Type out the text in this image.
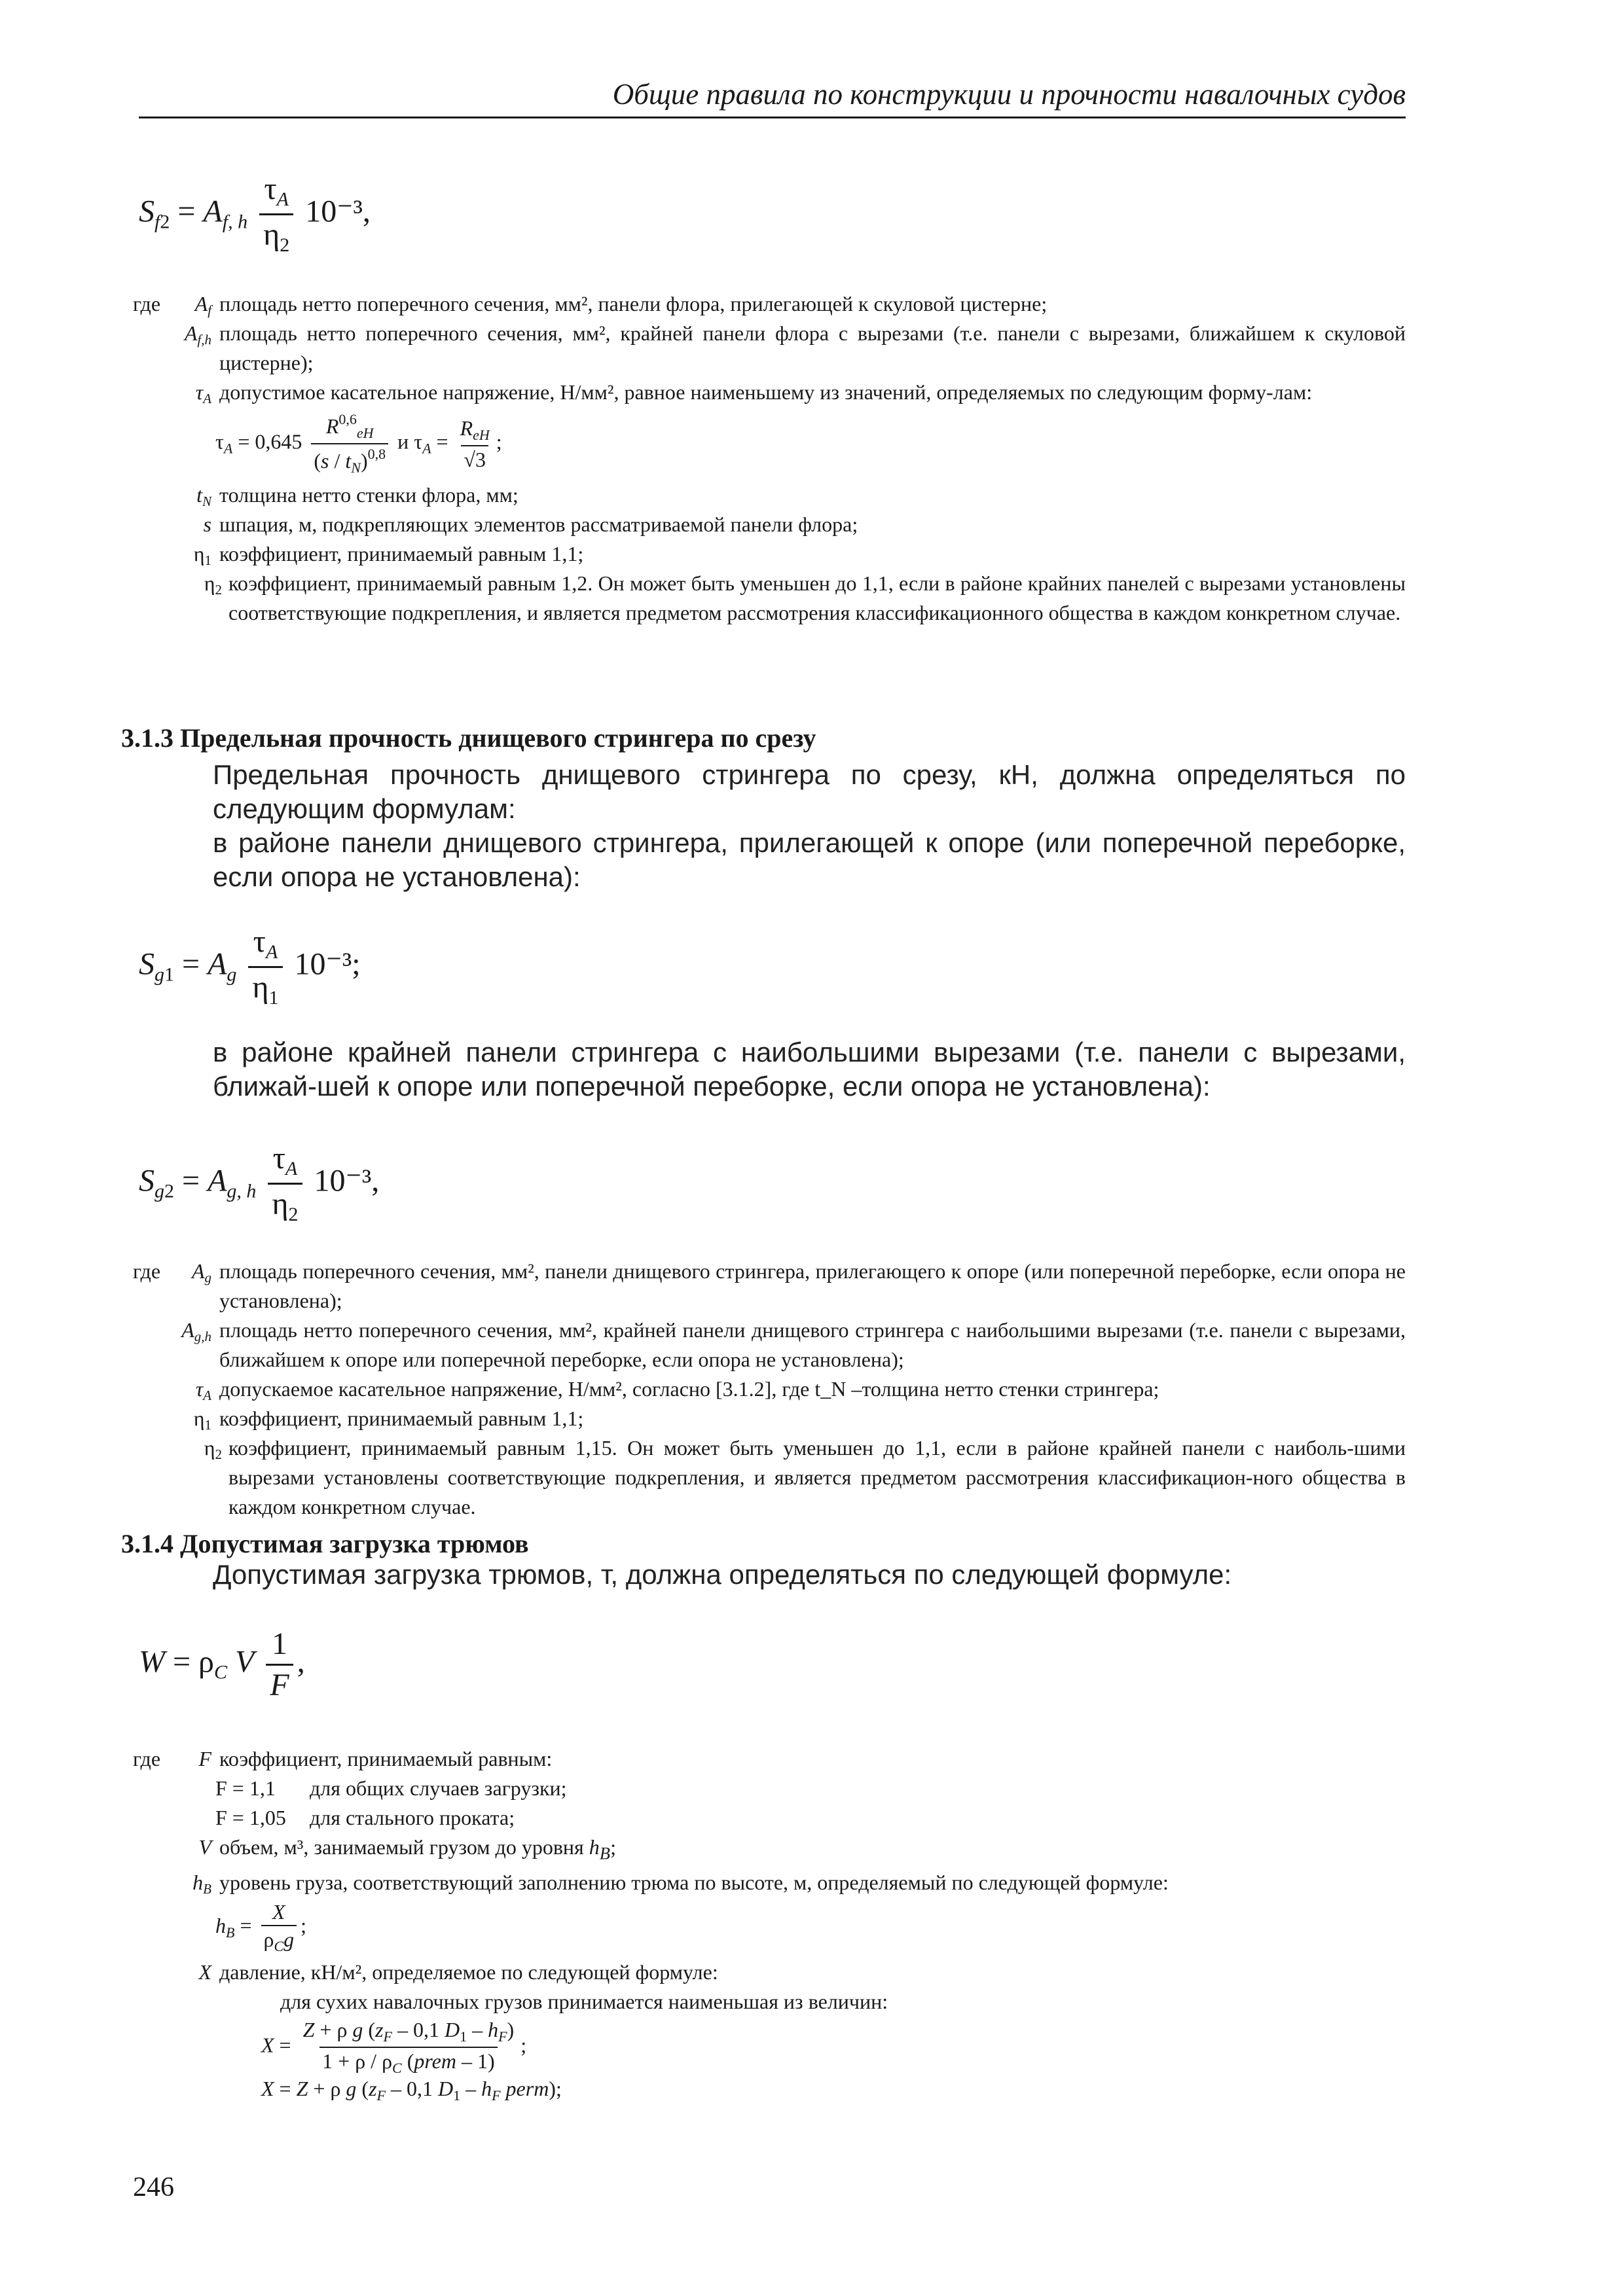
Общие правила по конструкции и прочности навалочных судов
$S_{f2} = A_{f, h} \frac{\tau_A}{\eta_2} 10^{-3}$,
где $A_f$ площадь нетто поперечного сечения, мм², панели флора, прилегающей к скуловой цистерне;
$A_{f,h}$ площадь нетто поперечного сечения, мм², крайней панели флора с вырезами (т.е. панели с вырезами, ближайшем к скуловой цистерне);
$\tau_A$ допустимое касательное напряжение, Н/мм², равное наименьшему из значений, определяемых по следующим форму-лам:
$\tau_A = 0,645 \frac{R^{0,6}_{eH}}{(s / t_N)^{0,8}}$ и $\tau_A$ =
$R_{eH}$
√3
;
$t_N$ толщина нетто стенки флора, мм;
s шпация, м, подкрепляющих элементов рассматриваемой панели флора;
$\eta_1$ коэффициент, принимаемый равным 1,1;
$\eta_2$ коэффициент, принимаемый равным 1,2. Он может быть уменьшен до 1,1, если в районе крайних панелей с вырезами установлены соответствующие подкрепления, и является предметом рассмотрения классификационного общества в каждом конкретном случае.
3.1.3 Предельная прочность днищевого стрингера по срезу
Предельная прочность днищевого стрингера по срезу, кН, должна определяться по следующим формулам:
в районе панели днищевого стрингера, прилегающей к опоре (или поперечной переборке, если опора не установлена):
$S_{g1} = A_g \frac{\tau_A}{\eta_1} 10^{-3}$;
в районе крайней панели стрингера с наибольшими вырезами (т.е. панели с вырезами, ближай-шей к опоре или поперечной переборке, если опора не установлена):
$S_{g2} = A_{g, h} \frac{\tau_A}{\eta_2} 10^{-3}$,
где $A_g$ площадь поперечного сечения, мм², панели днищевого стрингера, прилегающего к опоре (или поперечной переборке, если опора не установлена);
$A_{g,h}$ площадь нетто поперечного сечения, мм², крайней панели днищевого стрингера с наибольшими вырезами (т.е. панели с вырезами, ближайшем к опоре или поперечной переборке, если опора не установлена);
$\tau_A$ допускаемое касательное напряжение, Н/мм², согласно [3.1.2], где t_N –толщина нетто стенки стрингера;
$\eta_1$ коэффициент, принимаемый равным 1,1;
$\eta_2$ коэффициент, принимаемый равным 1,15. Он может быть уменьшен до 1,1, если в районе крайней панели с наиболь-шими вырезами установлены соответствующие подкрепления, и является предметом рассмотрения классификацион-ного общества в каждом конкретном случае.
3.1.4 Допустимая загрузка трюмов
Допустимая загрузка трюмов, т, должна определяться по следующей формуле:
$W = \rho_C$ V $\frac{1}{F}$ ,
где F коэффициент, принимаемый равным:
F = 1,1 для общих случаев загрузки;
F = 1,05 для стального проката;
V объем, м³, занимаемый грузом до уровня $h_B$;
$h_B$ уровень груза, соответствующий заполнению трюма по высоте, м, определяемый по следующей формуле:
$h_B$ =
X
$\rho_Cg$
;
X давление, кН/м², определяемое по следующей формуле:
для сухих навалочных грузов принимается наименьшая из величин:
X =
Z + ρ g ($z_F - 0,1$ $D_1 - h_F$)
$1 + \rho / \rho_C$ (prem – 1)
;
X = Z + ρ g ($z_F - 0,1$ $D_1 - h_F$ perm);
246
